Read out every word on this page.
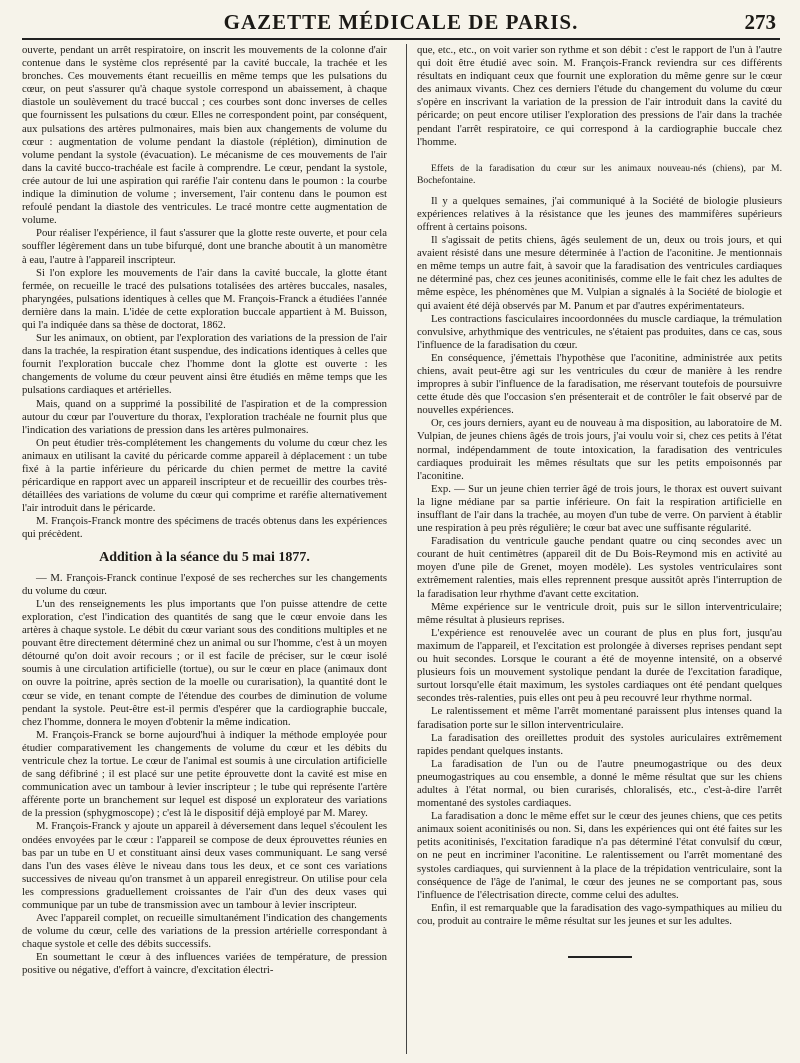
GAZETTE MÉDICALE DE PARIS.	273

ouverte, pendant un arrêt respiratoire, on inscrit les mouvements de la colonne d'air contenue dans le système clos représenté par la cavité buccale, la trachée et les bronches. Ces mouvements étant recueillis en même temps que les pulsations du cœur, on peut s'assurer qu'à chaque systole correspond un abaissement, à chaque diastole un soulèvement du tracé buccal ; ces courbes sont donc inverses de celles que fournissent les pulsations du cœur. Elles ne correspondent point, par conséquent, aux pulsations des artères pulmonaires, mais bien aux changements de volume du cœur : augmentation de volume pendant la diastole (réplétion), diminution de volume pendant la systole (évacuation). Le mécanisme de ces mouvements de l'air dans la cavité bucco-trachéale est facile à comprendre. Le cœur, pendant la systole, crée autour de lui une aspiration qui raréfie l'air contenu dans le poumon : la courbe indique la diminution de volume ; inversement, l'air contenu dans le poumon est refoulé pendant la diastole des ventricules. Le tracé montre cette augmentation de volume.

Pour réaliser l'expérience, il faut s'assurer que la glotte reste ouverte, et pour cela souffler légèrement dans un tube bifurqué, dont une branche aboutit à un manomètre à eau, l'autre à l'appareil inscripteur.

Si l'on explore les mouvements de l'air dans la cavité buccale, la glotte étant fermée, on recueille le tracé des pulsations totalisées des artères buccales, nasales, pharyngées, pulsations identiques à celles que M. François-Franck a étudiées l'année dernière dans la main. L'idée de cette exploration buccale appartient à M. Buisson, qui l'a indiquée dans sa thèse de doctorat, 1862.

Sur les animaux, on obtient, par l'exploration des variations de la pression de l'air dans la trachée, la respiration étant suspendue, des indications identiques à celles que fournit l'exploration buccale chez l'homme dont la glotte est ouverte : les changements de volume du cœur peuvent ainsi être étudiés en même temps que les pulsations cardiaques et artérielles.

Mais, quand on a supprimé la possibilité de l'aspiration et de la compression autour du cœur par l'ouverture du thorax, l'exploration trachéale ne fournit plus que l'indication des variations de pression dans les artères pulmonaires.

On peut étudier très-complétement les changements du volume du cœur chez les animaux en utilisant la cavité du péricarde comme appareil à déplacement : un tube fixé à la partie inférieure du péricarde du chien permet de mettre la cavité péricardique en rapport avec un appareil inscripteur et de recueillir des courbes très-détaillées des variations de volume du cœur qui comprime et raréfie alternativement l'air introduit dans le péricarde.

M. François-Franck montre des spécimens de tracés obtenus dans les expériences qui précèdent.

Addition à la séance du 5 mai 1877.

— M. François-Franck continue l'exposé de ses recherches sur les changements du volume du cœur.

L'un des renseignements les plus importants que l'on puisse attendre de cette exploration, c'est l'indication des quantités de sang que le cœur envoie dans les artères à chaque systole. Le débit du cœur variant sous des conditions multiples et ne pouvant être directement déterminé chez un animal ou sur l'homme, c'est à un moyen détourné qu'on doit avoir recours ; or il est facile de préciser, sur le cœur isolé soumis à une circulation artificielle (tortue), ou sur le cœur en place (animaux dont on ouvre la poitrine, après section de la moelle ou curarisation), la quantité dont le cœur se vide, en tenant compte de l'étendue des courbes de diminution de volume pendant la systole. Peut-être est-il permis d'espérer que la cardiographie buccale, chez l'homme, donnera le moyen d'obtenir la même indication.

M. François-Franck se borne aujourd'hui à indiquer la méthode employée pour étudier comparativement les changements de volume du cœur et les débits du ventricule chez la tortue. Le cœur de l'animal est soumis à une circulation artificielle de sang défibriné ; il est placé sur une petite éprouvette dont la cavité est mise en communication avec un tambour à levier inscripteur ; le tube qui représente l'artère afférente porte un branchement sur lequel est disposé un explorateur des variations de la pression (sphygmoscope) ; c'est là le dispositif déjà employé par M. Marey.

M. François-Franck y ajoute un appareil à déversement dans lequel s'écoulent les ondées envoyées par le cœur : l'appareil se compose de deux éprouvettes réunies en bas par un tube en U et constituant ainsi deux vases communiquant. Le sang versé dans l'un des vases élève le niveau dans tous les deux, et ce sont ces variations successives de niveau qu'on transmet à un appareil enregistreur. On utilise pour cela les compressions graduellement croissantes de l'air d'un des deux vases qui communique par un tube de transmission avec un tambour à levier inscripteur.

Avec l'appareil complet, on recueille simultanément l'indication des changements de volume du cœur, celle des variations de la pression artérielle correspondant à chaque systole et celle des débits successifs.

En soumettant le cœur à des influences variées de température, de pression positive ou négative, d'effort à vaincre, d'excitation électri-

que, etc., etc., on voit varier son rythme et son débit : c'est le rapport de l'un à l'autre qui doit être étudié avec soin. M. François-Franck reviendra sur ces différents résultats en indiquant ceux que fournit une exploration du même genre sur le cœur des animaux vivants. Chez ces derniers l'étude du changement du volume du cœur s'opère en inscrivant la variation de la pression de l'air introduit dans la cavité du péricarde; on peut encore utiliser l'exploration des pressions de l'air dans la trachée pendant l'arrêt respiratoire, ce qui correspond à la cardiographie buccale chez l'homme.

Effets de la faradisation du cœur sur les animaux nouveau-nés (chiens), par M. Bochefontaine.

Il y a quelques semaines, j'ai communiqué à la Société de biologie plusieurs expériences relatives à la résistance que les jeunes des mammifères supérieurs offrent à certains poisons.

Il s'agissait de petits chiens, âgés seulement de un, deux ou trois jours, et qui avaient résisté dans une mesure déterminée à l'action de l'aconitine. Je mentionnais en même temps un autre fait, à savoir que la faradisation des ventricules cardiaques ne déterminé pas, chez ces jeunes aconitinisés, comme elle le fait chez les adultes de même espèce, les phénomènes que M. Vulpian a signalés à la Société de biologie et qui avaient été déjà observés par M. Panum et par d'autres expérimentateurs.

Les contractions fasciculaires incoordonnées du muscle cardiaque, la trémulation convulsive, arhythmique des ventricules, ne s'étaient pas produites, dans ce cas, sous l'influence de la faradisation du cœur.

En conséquence, j'émettais l'hypothèse que l'aconitine, administrée aux petits chiens, avait peut-être agi sur les ventricules du cœur de manière à les rendre impropres à subir l'influence de la faradisation, me réservant toutefois de poursuivre cette étude dès que l'occasion s'en présenterait et de contrôler le fait observé par de nouvelles expériences.

Or, ces jours derniers, ayant eu de nouveau à ma disposition, au laboratoire de M. Vulpian, de jeunes chiens âgés de trois jours, j'ai voulu voir si, chez ces petits à l'état normal, indépendamment de toute intoxication, la faradisation des ventricules cardiaques produirait les mêmes résultats que sur les petits empoisonnés par l'aconitine.

Exp. — Sur un jeune chien terrier âgé de trois jours, le thorax est ouvert suivant la ligne médiane par sa partie inférieure. On fait la respiration artificielle en insufflant de l'air dans la trachée, au moyen d'un tube de verre. On parvient à établir une respiration à peu près régulière; le cœur bat avec une suffisante régularité.

Faradisation du ventricule gauche pendant quatre ou cinq secondes avec un courant de huit centimètres (appareil dit de Du Bois-Reymond mis en activité au moyen d'une pile de Grenet, moyen modèle). Les systoles ventriculaires sont extrêmement ralenties, mais elles reprennent presque aussitôt après l'interruption de la faradisation leur rhythme d'avant cette excitation.

Même expérience sur le ventricule droit, puis sur le sillon interventriculaire; même résultat à plusieurs reprises.

L'expérience est renouvelée avec un courant de plus en plus fort, jusqu'au maximum de l'appareil, et l'excitation est prolongée à diverses reprises pendant sept ou huit secondes. Lorsque le courant a été de moyenne intensité, on a observé plusieurs fois un mouvement systolique pendant la durée de l'excitation faradique, surtout lorsqu'elle était maximum, les systoles cardiaques ont été pendant quelques secondes très-ralenties, puis elles ont peu à peu recouvré leur rhythme normal.

Le ralentissement et même l'arrêt momentané paraissent plus intenses quand la faradisation porte sur le sillon interventriculaire.

La faradisation des oreillettes produit des systoles auriculaires extrêmement rapides pendant quelques instants.

La faradisation de l'un ou de l'autre pneumogastrique ou des deux pneumogastriques au cou ensemble, a donné le même résultat que sur les chiens adultes à l'état normal, ou bien curarisés, chloralisés, etc., c'est-à-dire l'arrêt momentané des systoles cardiaques.

La faradisation a donc le même effet sur le cœur des jeunes chiens, que ces petits animaux soient aconitinisés ou non. Si, dans les expériences qui ont été faites sur les petits aconitinisés, l'excitation faradique n'a pas déterminé l'état convulsif du cœur, on ne peut en incriminer l'aconitine. Le ralentissement ou l'arrêt momentané des systoles cardiaques, qui surviennent à la place de la trépidation ventriculaire, sont la conséquence de l'âge de l'animal, le cœur des jeunes ne se comportant pas, sous l'influence de l'électrisation directe, comme celui des adultes.

Enfin, il est remarquable que la faradisation des vago-sympathiques au milieu du cou, produit au contraire le même résultat sur les jeunes et sur les adultes.
